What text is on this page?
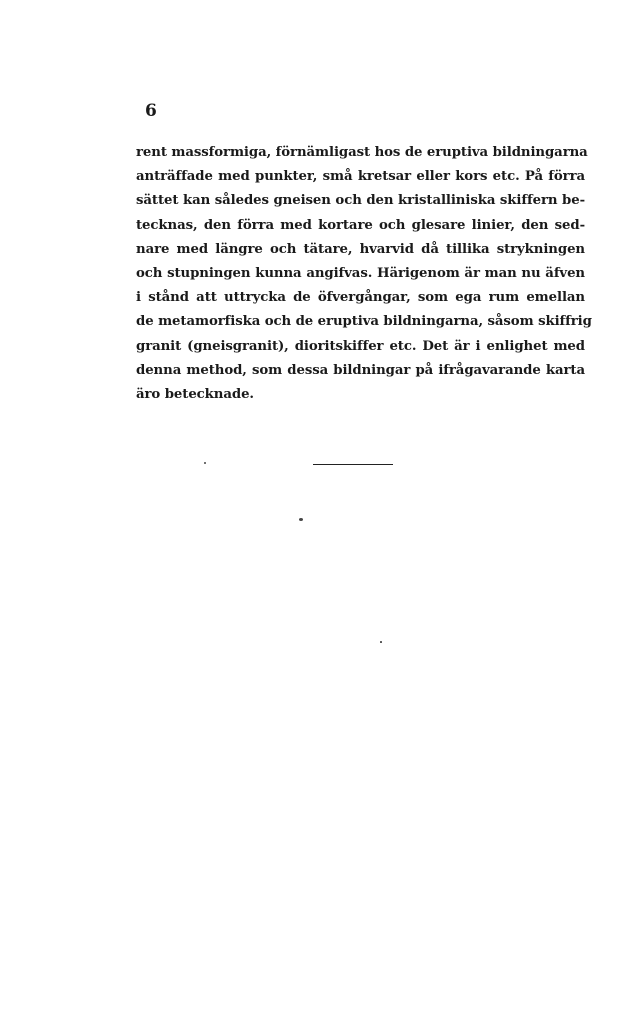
6
rent massformiga, förnämligast hos de eruptiva bildningarna
anträffade med punkter, små kretsar eller kors etc. På förra
sättet kan således gneisen och den kristalliniska skiffern be-
tecknas, den förra med kortare och glesare linier, den sed-
nare med längre och tätare, hvarvid då tillika strykningen
och stupningen kunna angifvas. Härigenom är man nu äfven
i stånd att uttrycka de öfvergångar, som ega rum emellan
de metamorfiska och de eruptiva bildningarna, såsom skiffrig
granit (gneisgranit), dioritskiffer etc. Det är i enlighet med
denna method, som dessa bildningar på ifrågavarande karta
äro betecknade.
